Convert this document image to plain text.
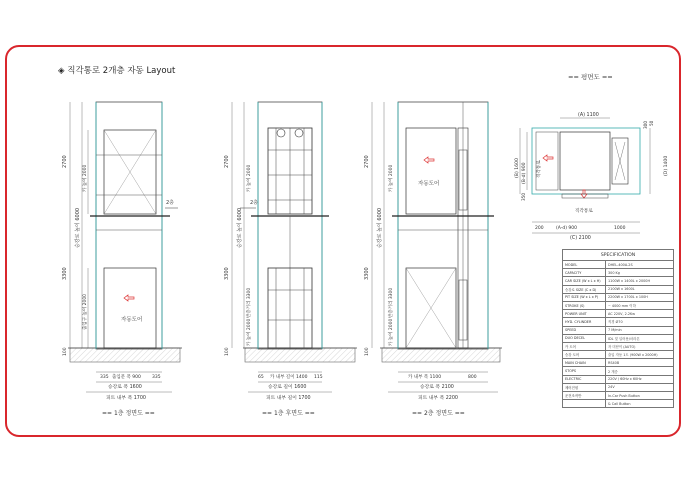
◈ 직각통로 2개층 자동 Layout
== 평면도 ==
자동도어
2층
2700
3300
100
승강로 높이 6000
카 높이 2000
출입구 높이 2000
335 출입문 폭 900 335
승강로 폭 1600
피트 내부 폭 1700
== 1층 정면도 ==
2층
2700
3300
100
승강로 높이 6000
카 높이 2000
반층거리 3300
카 높이 2000
65 카 내부 길이 1400 115
승강로 길이 1600
피트 내부 길이 1700
== 1층 후면도 ==
자동도어
2700
3300
100
승강로 높이 6000
카 높이 2000
반층거리 3300
카 높이 2000
카 내부 폭 1100	800
승강로 폭 2100
피트 내부 폭 2200
== 2층 정면도 ==
(A) 1100
300 50
직각통로
직각통로
(B) 1600 (B-d) 900
350
(D) 1400
200	(A-d) 900	1000
(C) 2100
SPECIFICATION	
MODEL	DHEL-400A-2S
CAPACITY	300 Kg
CAR SIZE (W x L x H)	1100W x 1400L x 2000H
승강로 SIZE (C x D)	2100W x 1600L
PIT SIZE (W x L x P)	2200W x 1700L x 100H
STROKE (S)	~ 4000 mm 이하
POWER UNIT	AC 220V, 2.2Kw
HYD. CYLINDER	직경 Ø70
SPEED	7 M/min
DUO DECEL	IDL 및 일어용/마라톤
카 도어	자 미닫이 (AUTO)
승강 도어	출입 자동 1도 (900W x 2000H)
MAIN CHAIN	RS40B
STOPS	2 개층
ELECTRIC	220V / 60Hz x 60Hz
제어전원	24V
운전조작반	In-Car Push Button
	& Call Button
